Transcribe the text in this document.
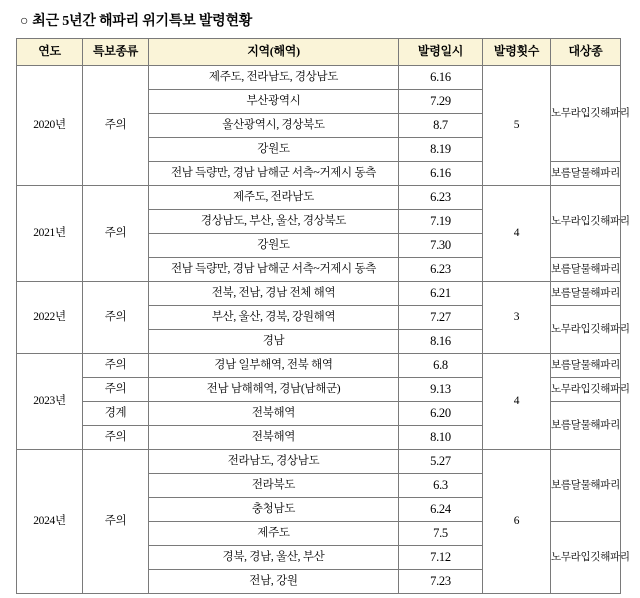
○ 최근 5년간 해파리 위기특보 발령현황
연도	특보종류	지역(해역)	발령일시	발령횟수	대상종
2020년	주의	제주도, 전라남도, 경상남도	6.16	5	노무라입깃해파리
		부산광역시	7.29		
		울산광역시, 경상북도	8.7		
		강원도	8.19		
		전남 득량만, 경남 남해군 서측~거제시 동측	6.16		보름달물해파리
2021년	주의	제주도, 전라남도	6.23	4	노무라입깃해파리
		경상남도, 부산, 울산, 경상북도	7.19		
		강원도	7.30		
		전남 득량만, 경남 남해군 서측~거제시 동측	6.23		보름달물해파리
2022년	주의	전북, 전남, 경남 전체 해역	6.21	3	보름달물해파리
		부산, 울산, 경북, 강원해역	7.27		노무라입깃해파리
		경남	8.16		
2023년	주의	경남 일부해역, 전북 해역	6.8	4	보름달물해파리
	주의	전남 남해해역, 경남(남해군)	9.13		노무라입깃해파리
	경계	전북해역	6.20		보름달물해파리
	주의	전북해역	8.10		
2024년	주의	전라남도, 경상남도	5.27	6	보름달물해파리
		전라북도	6.3		
		충청남도	6.24		
		제주도	7.5		노무라입깃해파리
		경북, 경남, 울산, 부산	7.12		
		전남, 강원	7.23		
